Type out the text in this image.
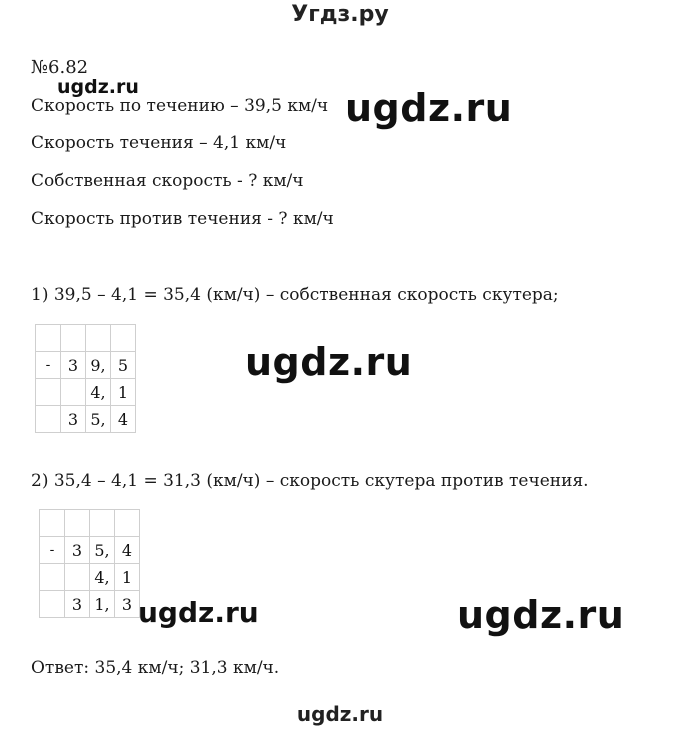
Угдз.ру
№6.82
ugdz.ru
Скорость по течению – 39,5 км/ч ugdz.ru
Скорость течения – 4,1 км/ч
Собственная скорость - ? км/ч
Скорость против течения - ? км/ч
1) 39,5 – 4,1 = 35,4 (км/ч) – собственная скорость скутера;

-	3	9,	5
		4,	1
	3	5,	4
ugdz.ru
2) 35,4 – 4,1 = 31,3 (км/ч) – скорость скутера против течения.

-	3	5,	4
		4,	1
	3	1,	3 ugdz.ru	ugdz.ru
Ответ: 35,4 км/ч; 31,3 км/ч.
ugdz.ru
